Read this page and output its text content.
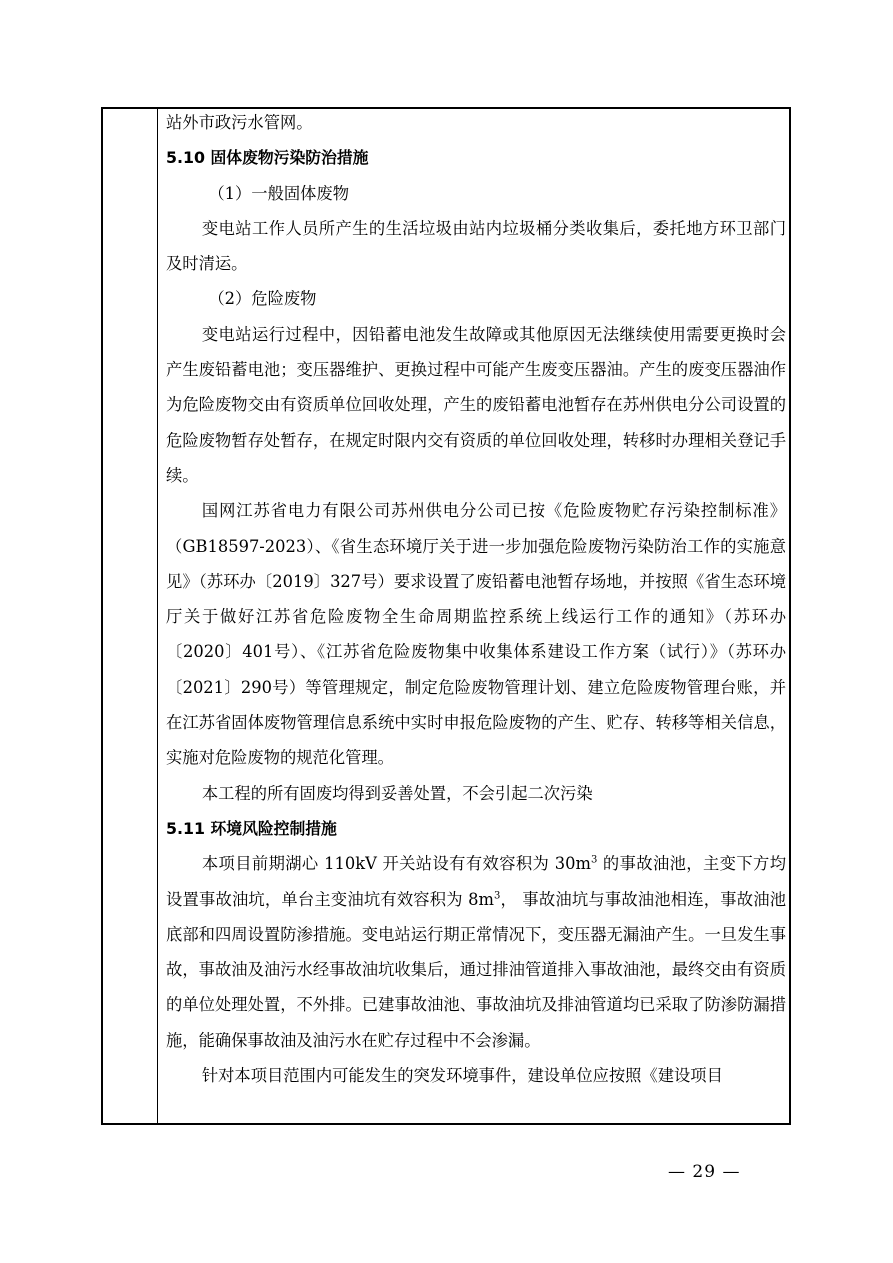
站外市政污水管网。

5.10 固体废物污染防治措施

（1）一般固体废物

变电站工作人员所产生的生活垃圾由站内垃圾桶分类收集后，委托地方环卫部门及时清运。

（2）危险废物

变电站运行过程中，因铅蓄电池发生故障或其他原因无法继续使用需要更换时会产生废铅蓄电池；变压器维护、更换过程中可能产生废变压器油。产生的废变压器油作为危险废物交由有资质单位回收处理，产生的废铅蓄电池暂存在苏州供电分公司设置的危险废物暂存处暂存，在规定时限内交有资质的单位回收处理，转移时办理相关登记手续。

国网江苏省电力有限公司苏州供电分公司已按《危险废物贮存污染控制标准》（GB18597-2023）、《省生态环境厅关于进一步加强危险废物污染防治工作的实施意见》（苏环办〔2019〕327号）要求设置了废铅蓄电池暂存场地，并按照《省生态环境厅关于做好江苏省危险废物全生命周期监控系统上线运行工作的通知》（苏环办〔2020〕401号）、《江苏省危险废物集中收集体系建设工作方案（试行）》（苏环办〔2021〕290号）等管理规定，制定危险废物管理计划、建立危险废物管理台账，并在江苏省固体废物管理信息系统中实时申报危险废物的产生、贮存、转移等相关信息，实施对危险废物的规范化管理。

本工程的所有固废均得到妥善处置，不会引起二次污染

5.11 环境风险控制措施

本项目前期湖心 110kV 开关站设有有效容积为 $30m^3$ 的事故油池，主变下方均设置事故油坑，单台主变油坑有效容积为 $8m^3$， 事故油坑与事故油池相连，事故油池底部和四周设置防渗措施。变电站运行期正常情况下，变压器无漏油产生。一旦发生事故，事故油及油污水经事故油坑收集后，通过排油管道排入事故油池，最终交由有资质的单位处理处置，不外排。已建事故油池、事故油坑及排油管道均已采取了防渗防漏措施，能确保事故油及油污水在贮存过程中不会渗漏。

针对本项目范围内可能发生的突发环境事件，建设单位应按照《建设项目

— 29 —
